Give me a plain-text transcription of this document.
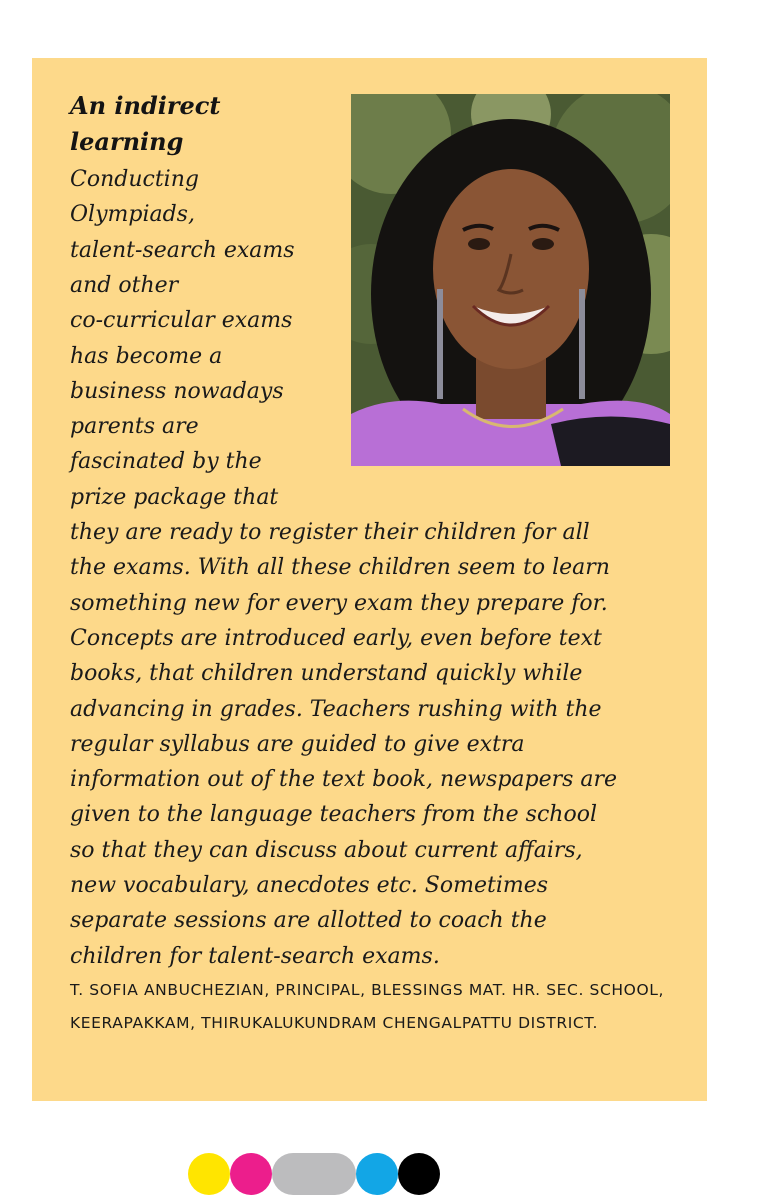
An indirect learning

Conducting

Olympiads,

talent-search exams

and other

co-curricular exams

has become a

business nowadays

parents are

fascinated by the

prize package that

they are ready to register their children for all

the exams. With all these children seem to learn

something new for every exam they prepare for.

Concepts are introduced early, even before text

books, that children understand quickly while

advancing in grades. Teachers rushing with the

regular syllabus are guided to give extra

information out of the text book, newspapers are

given to the language teachers from the school

so that they can discuss about current affairs,

new vocabulary, anecdotes etc. Sometimes

separate sessions are allotted to coach the

children for talent-search exams.

T. SOFIA ANBUCHEZIAN, PRINCIPAL, BLESSINGS MAT. HR. SEC. SCHOOL, KEERAPAKKAM, THIRUKALUKUNDRAM CHENGALPATTU DISTRICT.
